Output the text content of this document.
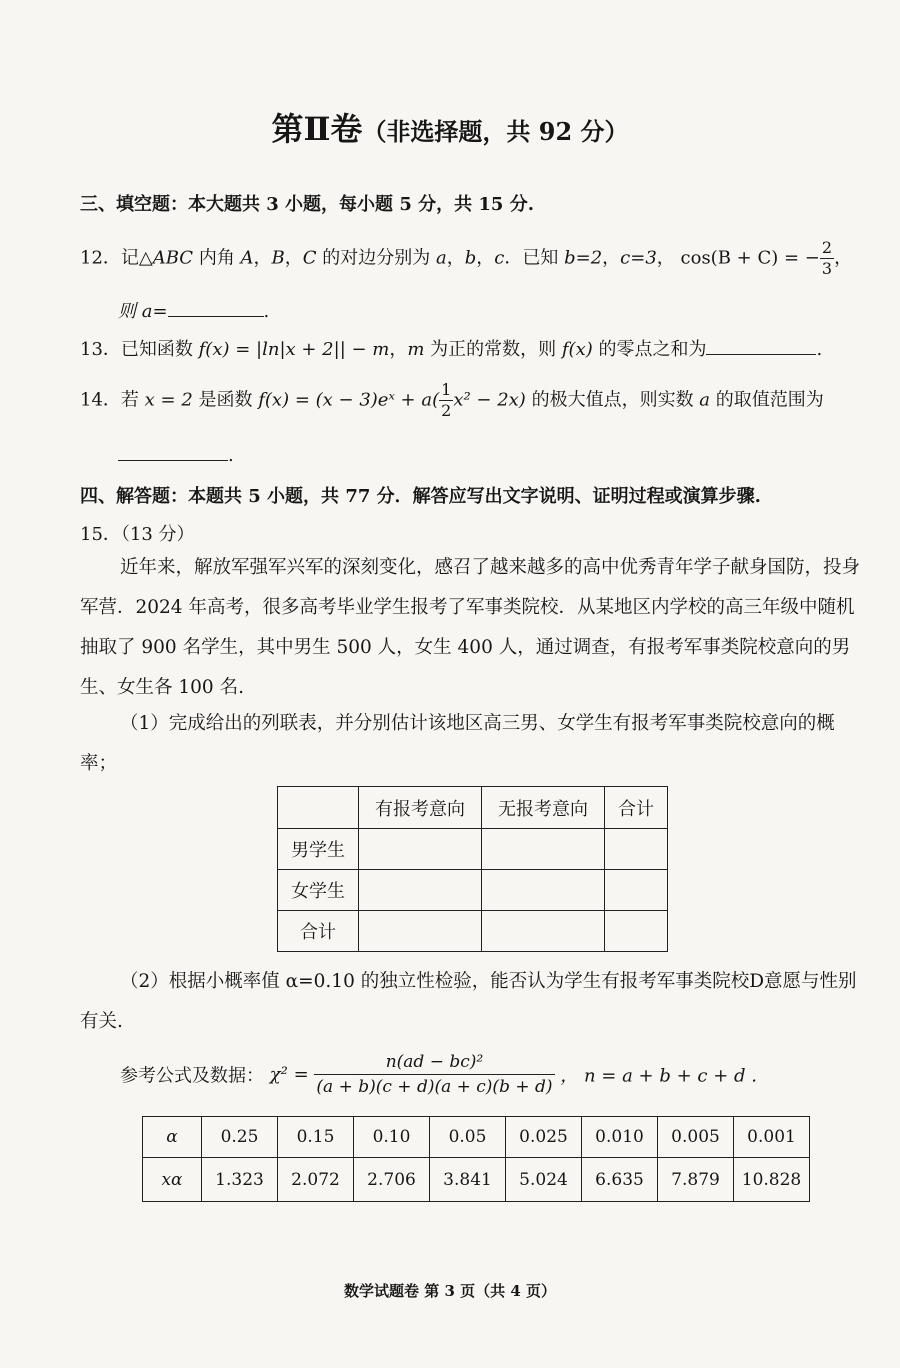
第Ⅱ卷（非选择题，共 92 分）
三、填空题：本大题共 3 小题，每小题 5 分，共 15 分.
12．记△ABC 内角 A，B，C 的对边分别为 a，b，c．已知 b=2，c=3， cos(B + C) = − $\frac{2}{3}$ ，
则 a=	.
13．已知函数 f(x) = |ln|x + 2|| − m，m 为正的常数，则 f(x) 的零点之和为	.
14．若 x = 2 是函数 f(x) = (x − 3)eˣ + $a( \frac{1}{2} x^2 - 2x)$ 的极大值点，则实数 a 的取值范围为
.
四、解答题：本题共 5 小题，共 77 分．解答应写出文字说明、证明过程或演算步骤.
15．（13 分）
近年来，解放军强军兴军的深刻变化，感召了越来越多的高中优秀青年学子献身国防，投身军营．2024 年高考，很多高考毕业学生报考了军事类院校．从某地区内学校的高三年级中随机抽取了 900 名学生，其中男生 500 人，女生 400 人，通过调查，有报考军事类院校意向的男生、女生各 100 名.
（1）完成给出的列联表，并分别估计该地区高三男、女学生有报考军事类院校意向的概率；
	有报考意向	无报考意向	合计
男学生			
女学生			
合计			
（2）根据小概率值 α=0.10 的独立性检验，能否认为学生有报考军事类院校D意愿与性别有关.
参考公式及数据： $\chi^2 = \frac{\text{n(ad − bc)²}}{(a + b)(c + d)(a + c)(b + d)}$ ， n = a + b + c + d .
α	0.25	0.15	0.10	0.05	0.025	0.010	0.005	0.001
xα	1.323	2.072	2.706	3.841	5.024	6.635	7.879	10.828
数学试题卷 第 3 页（共 4 页）
